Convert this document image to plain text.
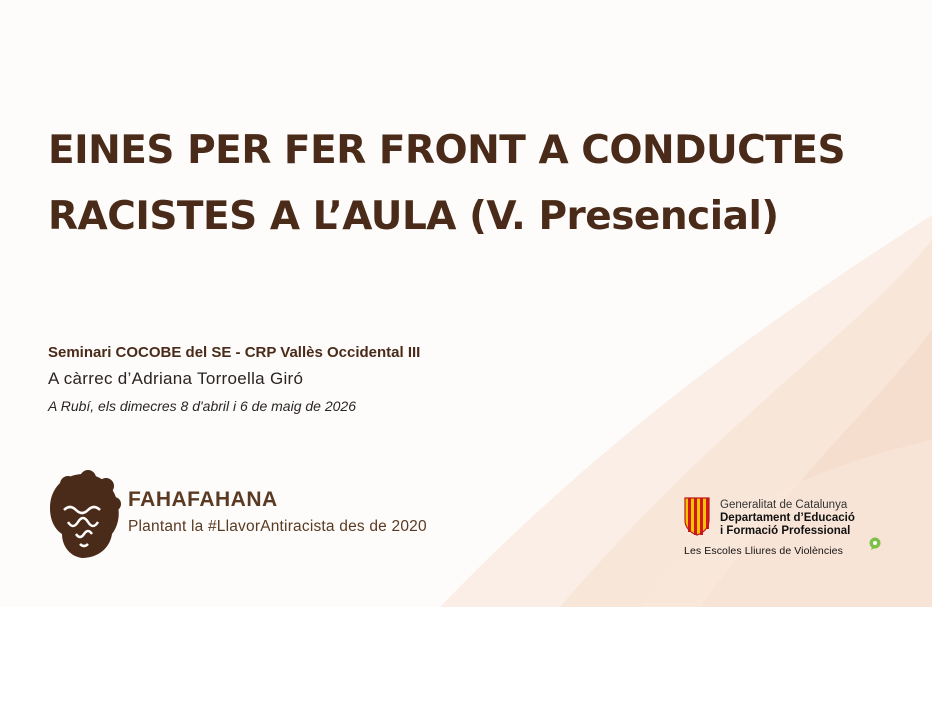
EINES PER FER FRONT A CONDUCTES
RACISTES A L’AULA (V. Presencial)
Seminari COCOBE del SE - CRP Vallès Occidental III
A càrrec d’Adriana Torroella Giró
A Rubí, els dimecres 8 d'abril i 6 de maig de 2026
FAHAFAHANA
Plantant la #LlavorAntiracista des de 2020
Generalitat de Catalunya
Departament d’Educació
i Formació Professional
Les Escoles Lliures de Violències
